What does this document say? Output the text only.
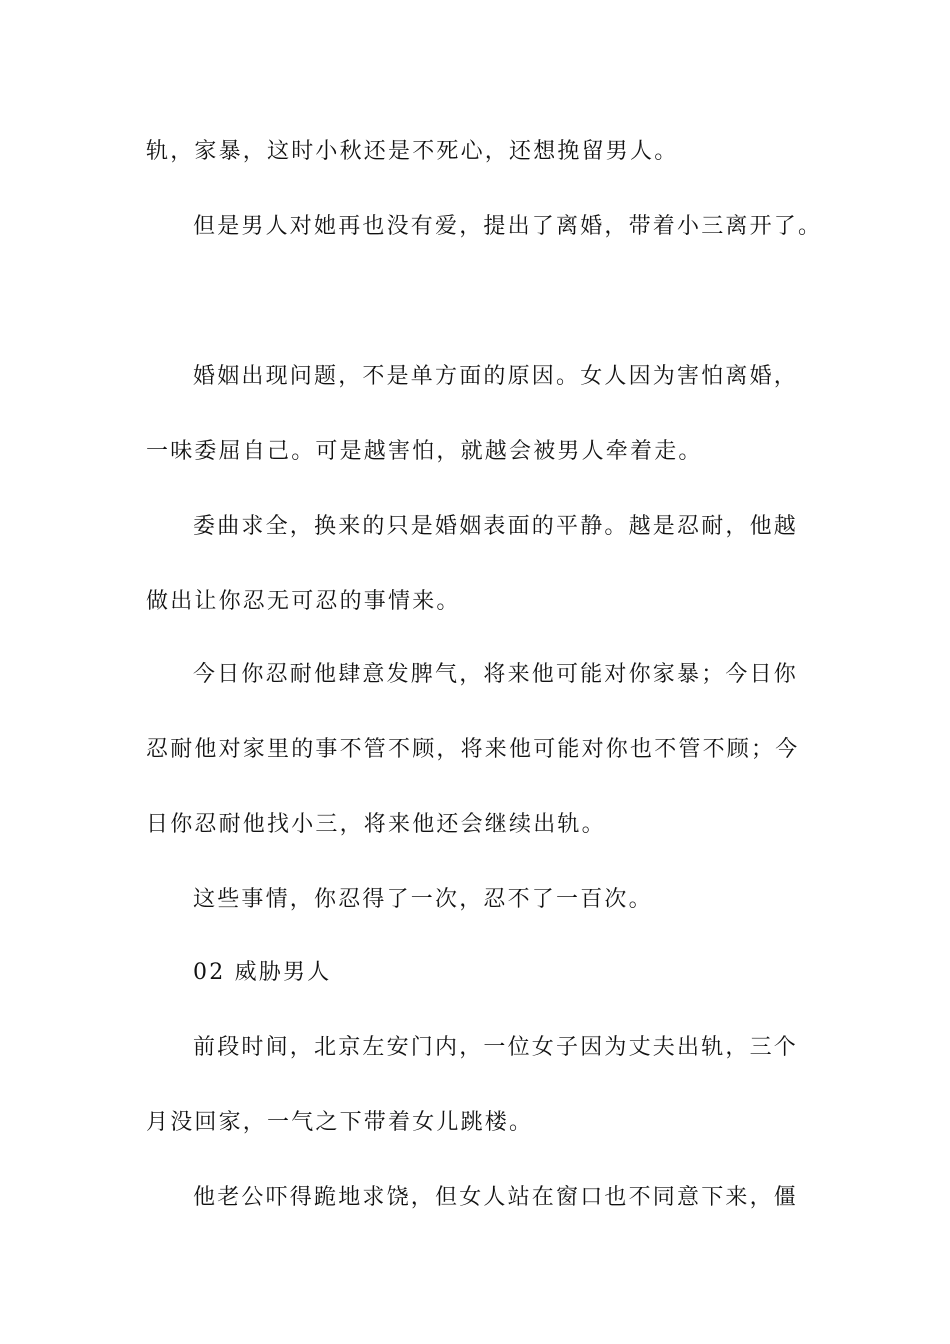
轨，家暴，这时小秋还是不死心，还想挽留男人。
但是男人对她再也没有爱，提出了离婚，带着小三离开了。
婚姻出现问题，不是单方面的原因。女人因为害怕离婚，
一味委屈自己。可是越害怕，就越会被男人牵着走。
委曲求全，换来的只是婚姻表面的平静。越是忍耐，他越
做出让你忍无可忍的事情来。
今日你忍耐他肆意发脾气，将来他可能对你家暴；今日你
忍耐他对家里的事不管不顾，将来他可能对你也不管不顾；今
日你忍耐他找小三，将来他还会继续出轨。
这些事情，你忍得了一次，忍不了一百次。
02 威胁男人
前段时间，北京左安门内，一位女子因为丈夫出轨，三个
月没回家，一气之下带着女儿跳楼。
他老公吓得跪地求饶，但女人站在窗口也不同意下来，僵
